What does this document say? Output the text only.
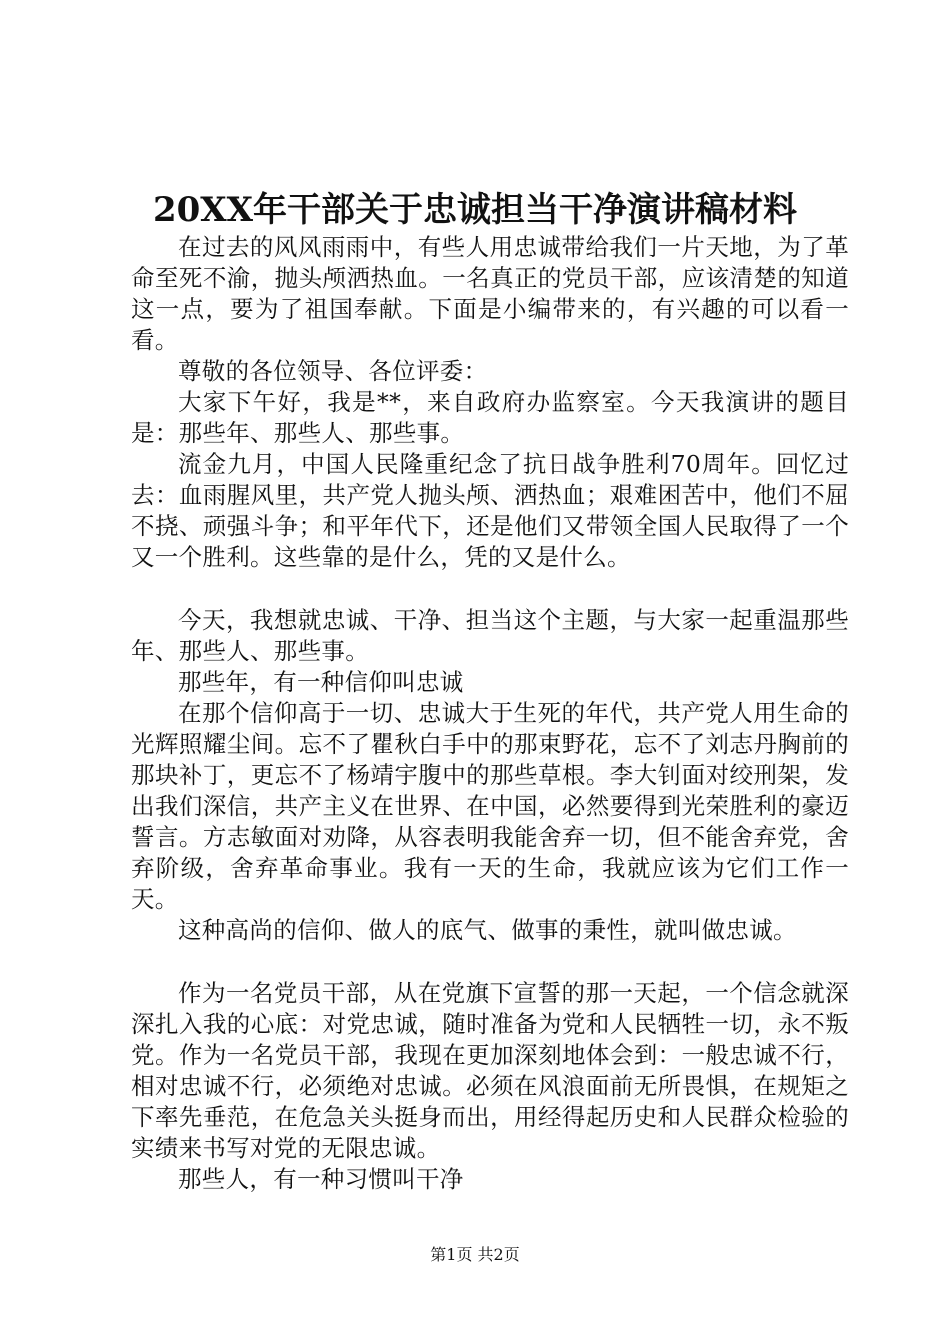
20XX年干部关于忠诚担当干净演讲稿材料

在过去的风风雨雨中，有些人用忠诚带给我们一片天地，为了革命至死不渝，抛头颅洒热血。一名真正的党员干部，应该清楚的知道这一点，要为了祖国奉献。下面是小编带来的，有兴趣的可以看一看。

尊敬的各位领导、各位评委：

大家下午好，我是**，来自政府办监察室。今天我演讲的题目是：那些年、那些人、那些事。

流金九月，中国人民隆重纪念了抗日战争胜利70周年。回忆过去：血雨腥风里，共产党人抛头颅、洒热血；艰难困苦中，他们不屈不挠、顽强斗争；和平年代下，还是他们又带领全国人民取得了一个又一个胜利。这些靠的是什么，凭的又是什么。

今天，我想就忠诚、干净、担当这个主题，与大家一起重温那些年、那些人、那些事。

那些年，有一种信仰叫忠诚

在那个信仰高于一切、忠诚大于生死的年代，共产党人用生命的光辉照耀尘间。忘不了瞿秋白手中的那束野花，忘不了刘志丹胸前的那块补丁，更忘不了杨靖宇腹中的那些草根。李大钊面对绞刑架，发出我们深信，共产主义在世界、在中国，必然要得到光荣胜利的豪迈誓言。方志敏面对劝降，从容表明我能舍弃一切，但不能舍弃党，舍弃阶级，舍弃革命事业。我有一天的生命，我就应该为它们工作一天。

这种高尚的信仰、做人的底气、做事的秉性，就叫做忠诚。

作为一名党员干部，从在党旗下宣誓的那一天起，一个信念就深深扎入我的心底：对党忠诚，随时准备为党和人民牺牲一切，永不叛党。作为一名党员干部，我现在更加深刻地体会到：一般忠诚不行，相对忠诚不行，必须绝对忠诚。必须在风浪面前无所畏惧，在规矩之下率先垂范，在危急关头挺身而出，用经得起历史和人民群众检验的实绩来书写对党的无限忠诚。

那些人，有一种习惯叫干净

第1页 共2页
